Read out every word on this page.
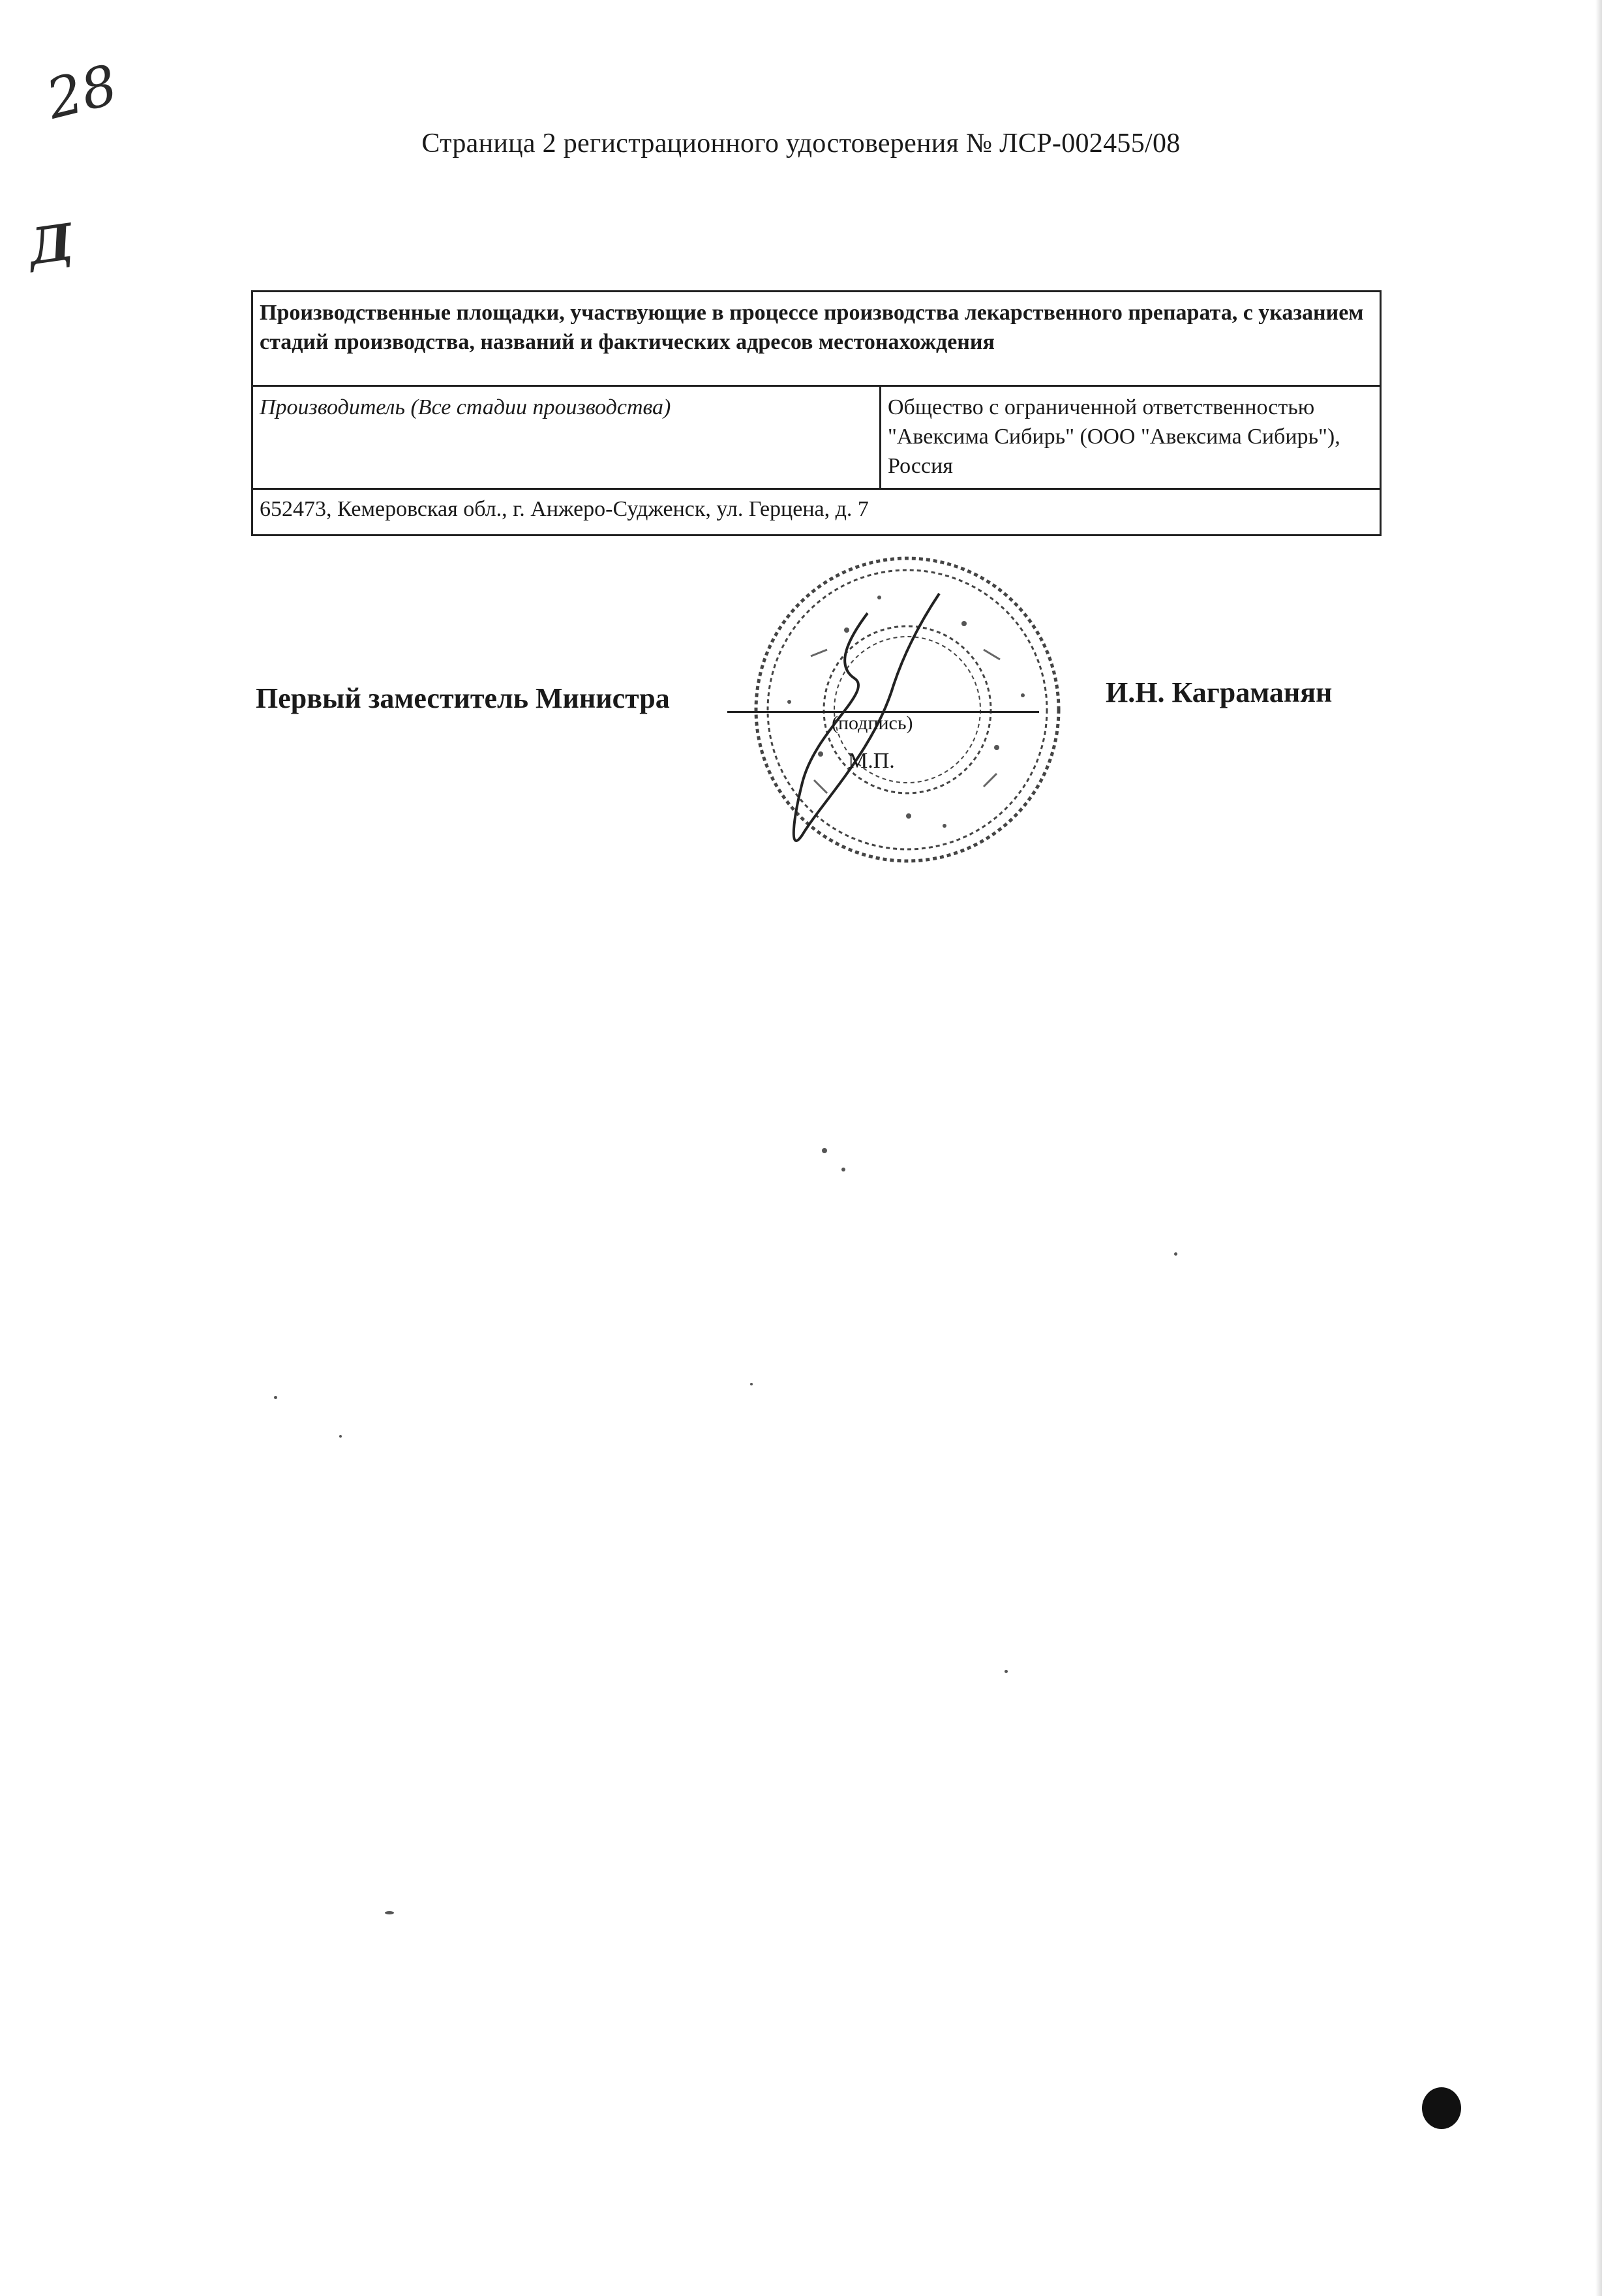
28
Д
Страница 2 регистрационного удостоверения № ЛСР-002455/08
Производственные площадки, участвующие в процессе производства лекарственного препарата, с указанием стадий производства, названий и фактических адресов местонахождения
Производитель (Все стадии производства)	Общество с ограниченной ответственностью "Авексима Сибирь" (ООО "Авексима Сибирь"), Россия
652473, Кемеровская обл., г. Анжеро-Судженск, ул. Герцена, д. 7
Первый заместитель Министра
(подпись)
М.П.
И.Н. Каграманян
